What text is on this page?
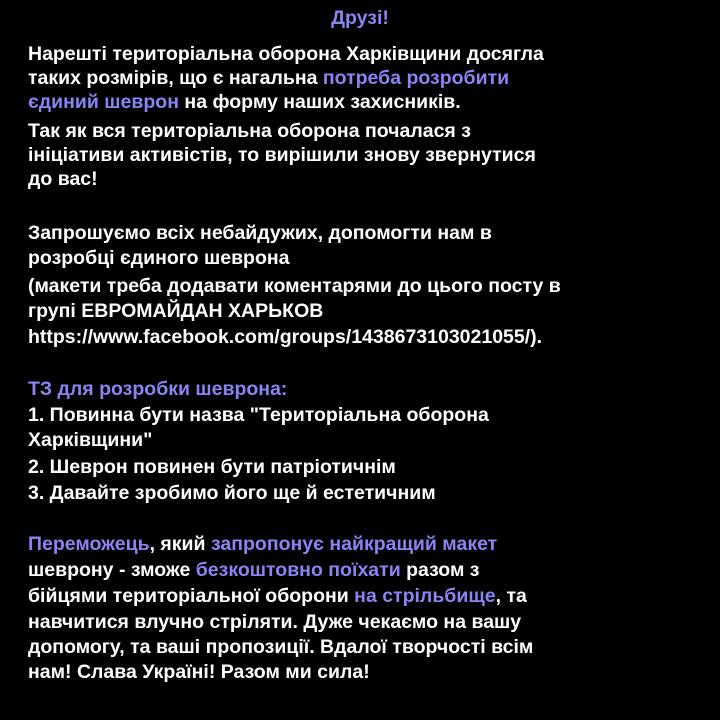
Друзі!
Нарешті територіальна оборона Харківщини досягла
таких розмірів, що є нагальна потреба розробити
єдиний шеврон на форму наших захисників.
Так як вся територіальна оборона почалася з
ініціативи активістів, то вирішили знову звернутися
до вас!
Запрошуємо всіх небайдужих, допомогти нам в
розробці єдиного шеврона
(макети треба додавати коментарями до цього посту в
групі ЕВРОМАЙДАН ХАРЬКОВ
https://www.facebook.com/groups/1438673103021055/).
ТЗ для розробки шеврона:
1. Повинна бути назва "Територіальна оборона
Харківщини"
2. Шеврон повинен бути патріотичнім
3. Давайте зробимо його ще й естетичним
Переможець, який запропонує найкращий макет
шеврону - зможе безкоштовно поїхати разом з
бійцями територіальної оборони на стрільбище, та
навчитися влучно стріляти. Дуже чекаємо на вашу
допомогу, та ваші пропозиції. Вдалої творчості всім
нам! Слава Україні! Разом ми сила!
